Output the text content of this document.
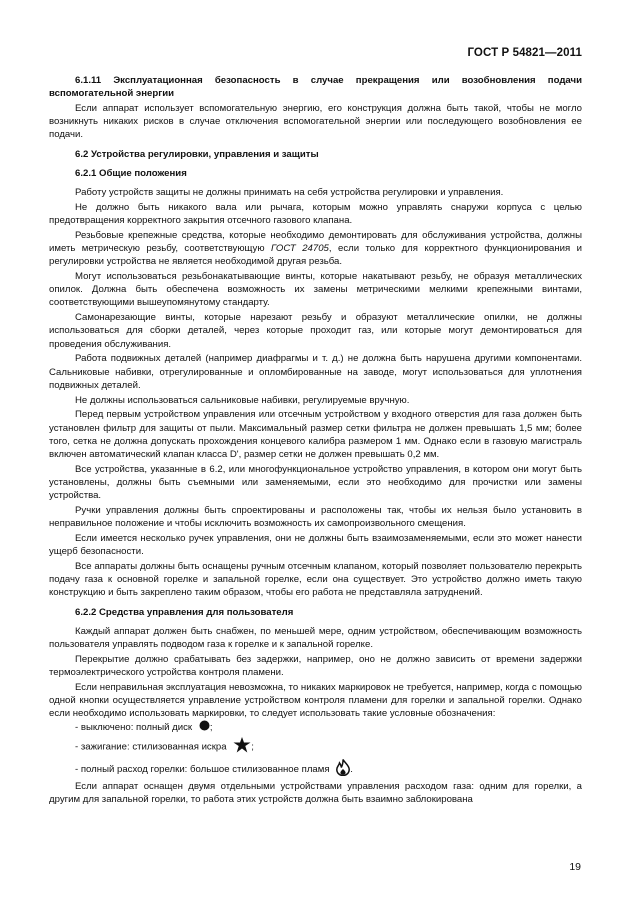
ГОСТ Р 54821—2011

6.1.11 Эксплуатационная безопасность в случае прекращения или возобновления подачи вспомогательной энергии

Если аппарат использует вспомогательную энергию, его конструкция должна быть такой, чтобы не могло возникнуть никаких рисков в случае отключения вспомогательной энергии или последующего возобновления ее подачи.

6.2 Устройства регулировки, управления и защиты

6.2.1 Общие положения

Работу устройств защиты не должны принимать на себя устройства регулировки и управления.

Не должно быть никакого вала или рычага, которым можно управлять снаружи корпуса с целью предотвращения корректного закрытия отсечного газового клапана.

Резьбовые крепежные средства, которые необходимо демонтировать для обслуживания устройства, должны иметь метрическую резьбу, соответствующую ГОСТ 24705, если только для корректного функционирования и регулировки устройства не является необходимой другая резьба.

Могут использоваться резьбонакатывающие винты, которые накатывают резьбу, не образуя металлических опилок. Должна быть обеспечена возможность их замены метрическими мелкими крепежными винтами, соответствующими вышеупомянутому стандарту.

Самонарезающие винты, которые нарезают резьбу и образуют металлические опилки, не должны использоваться для сборки деталей, через которые проходит газ, или которые могут демонтироваться для проведения обслуживания.

Работа подвижных деталей (например диафрагмы и т. д.) не должна быть нарушена другими компонентами. Сальниковые набивки, отрегулированные и опломбированные на заводе, могут использоваться для уплотнения подвижных деталей.

Не должны использоваться сальниковые набивки, регулируемые вручную.

Перед первым устройством управления или отсечным устройством у входного отверстия для газа должен быть установлен фильтр для защиты от пыли. Максимальный размер сетки фильтра не должен превышать 1,5 мм; более того, сетка не должна допускать прохождения концевого калибра размером 1 мм. Однако если в газовую магистраль включен автоматический клапан класса D', размер сетки не должен превышать 0,2 мм.

Все устройства, указанные в 6.2, или многофункциональное устройство управления, в котором они могут быть установлены, должны быть съемными или заменяемыми, если это необходимо для прочистки или замены устройства.

Ручки управления должны быть спроектированы и расположены так, чтобы их нельзя было установить в неправильное положение и чтобы исключить возможность их самопроизвольного смещения.

Если имеется несколько ручек управления, они не должны быть взаимозаменяемыми, если это может нанести ущерб безопасности.

Все аппараты должны быть оснащены ручным отсечным клапаном, который позволяет пользователю перекрыть подачу газа к основной горелке и запальной горелке, если она существует. Это устройство должно иметь такую конструкцию и быть закреплено таким образом, чтобы его работа не представляла затруднений.

6.2.2 Средства управления для пользователя

Каждый аппарат должен быть снабжен, по меньшей мере, одним устройством, обеспечивающим возможность пользователя управлять подводом газа к горелке и к запальной горелке.

Перекрытие должно срабатывать без задержки, например, оно не должно зависить от времени задержки термоэлектрического устройства контроля пламени.

Если неправильная эксплуатация невозможна, то никаких маркировок не требуется, например, когда с помощью одной кнопки осуществляется управление устройством контроля пламени для горелки и запальной горелки. Однако если необходимо использовать маркировки, то следует использовать такие условные обозначения:

- выключено: полный диск ;

- зажигание: стилизованная искра	;

- полный расход горелки: большое стилизованное пламя .

Если аппарат оснащен двумя отдельными устройствами управления расходом газа: одним для горелки, а другим для запальной горелки, то работа этих устройств должна быть взаимно заблокирована

19
